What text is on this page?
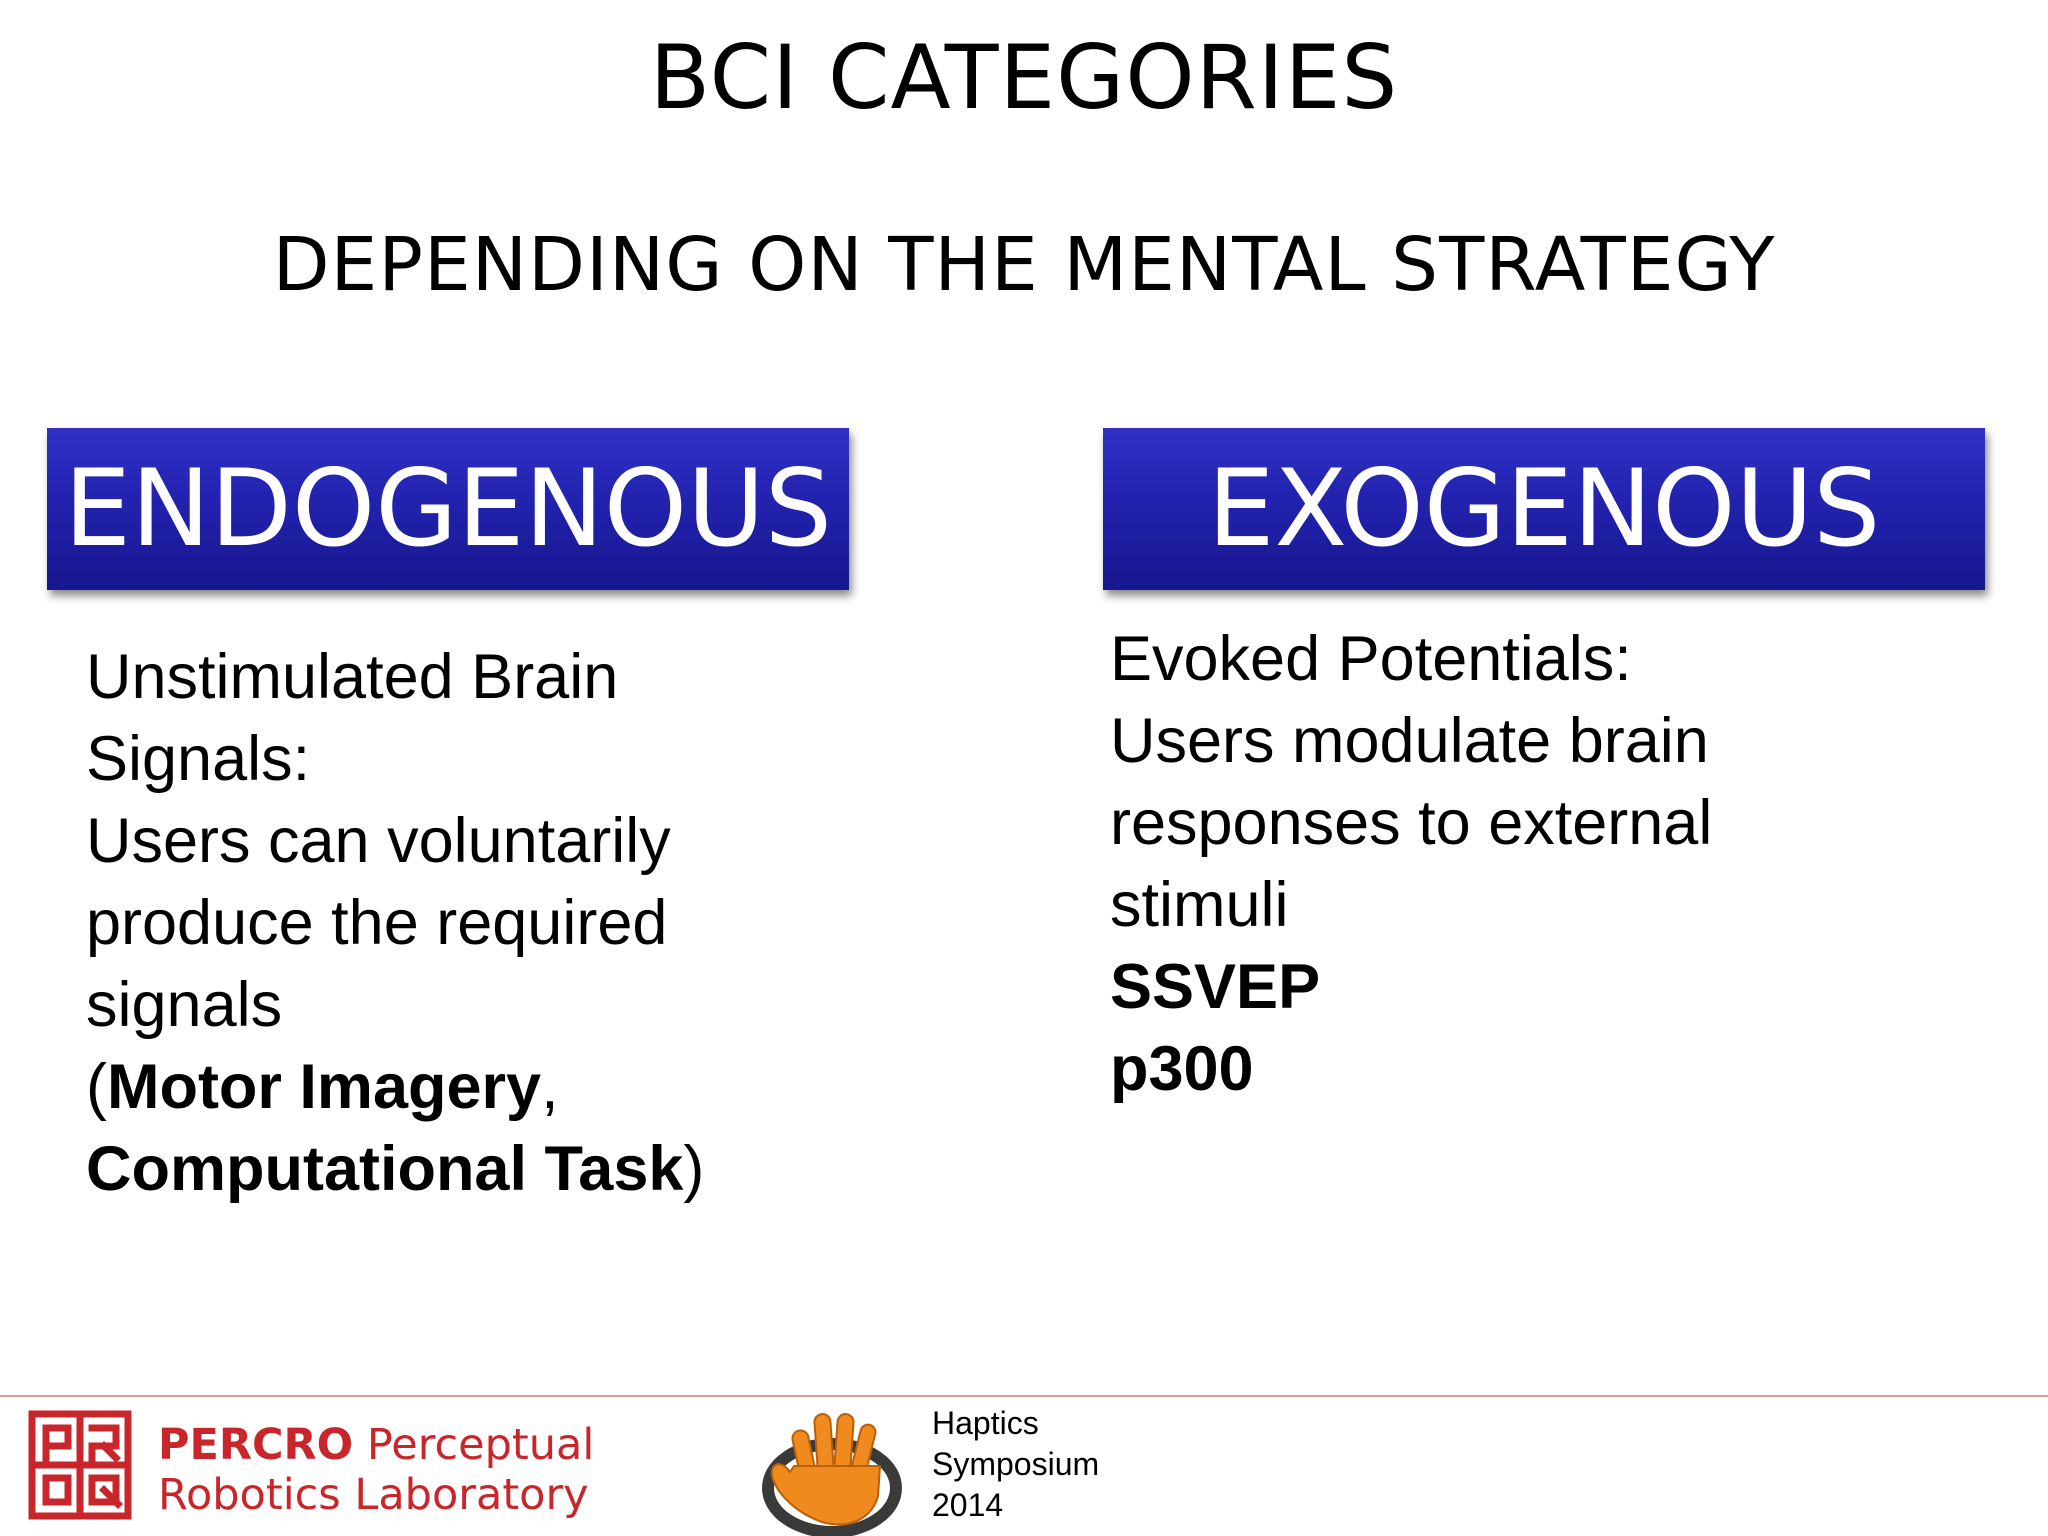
BCI CATEGORIES
DEPENDING ON THE MENTAL STRATEGY
ENDOGENOUS	EXOGENOUS
Unstimulated Brain
Signals:
Users can voluntarily
produce the required
signals
(Motor Imagery,
Computational Task)
Evoked Potentials:
Users modulate brain
responses to external
stimuli
SSVEP
p300
PERCRO Perceptual
Robotics Laboratory
Haptics
Symposium
2014
